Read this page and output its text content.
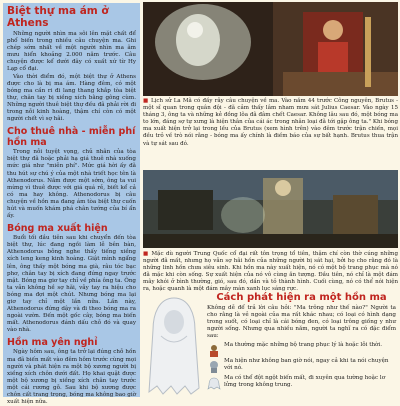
Biệt thự ma ám ở Athens

Những người nhìn ma sôi lên mặt chất để phổ biến trong nhiều câu chuyện ma. Ghi chép sớm nhất về một người nhìn ma âm mưu hiển khoảng 2.000 năm trước. Câu chuyện được kể dưới đây có xuất xứ từ Hy Lạp cổ đại.

Vào thời điểm đó, một biệt thự ở Athens được cho là bị ma ám. Hàng đêm, có một bóng ma cần ri đi lang thang khắp tòa biệt thự, chân tay bị xiềng xích bằng gông cùm. Những người thuê biệt thự đều đã phải rời đi trong nỗi kinh hoàng, thậm chí còn có một người chết vì sợ hãi.

Cho thuê nhà - miễn phí hồn ma

Trong nỗi tuyệt vọng, chủ nhân của tòa biệt thự đã hoặc phải hạ giá thuê nhà xuống mức giá như "miễn phí". Mức giá hời ấy đã thu hút sự chú ý của một nhà triết học tên là Athenodorus. Nắm được một sớm, ông ta vui mừng vì thuê được với giá quá rẻ, biết kể cả có ma hay không. Athenodorus bị câu chuyện về hồn ma đang ám tòa biệt thự cuốn hút và muốn khám phá chân tướng của bí ẩn ấy.

Bóng ma xuất hiện

Buổi tối đầu tiên sau khi chuyển đến tòa biệt thự, lúc đang ngồi làm lễ bên bàn, Athenodorus bỗng nghe thấy tiếng xiềng xích leng keng kinh hoàng. Giật mình ngẩng lên, ông thấy một bóng ma già, râu tóc bạc phơ, chân tay bị xích đang đứng ngay trước mặt. Bóng ma giơ tay chỉ về phía ông ta. Ông ta vẫn không hề sợ hãi, vẫy tay ra hiệu cho bóng ma đợi một chút. Nhưng bóng ma lại giơ tay chỉ một lần nữa. Lần này, Athenodorus đứng dậy và đi theo bóng ma ra ngoài vườn. Đến một gốc cây, bóng ma biến mất. Athenodorus đánh dấu chỗ đó và quay vào nhà.

Hồn ma yên nghỉ

Ngày hôm sau, ông ta trở lại đúng chỗ hồn ma đã biến mất vào đêm hôm trước cùng mọi người và phát hiện ra một bộ xương người bị xiềng xích chôn dưới đất. Họ khai quật được một bộ xương bị xiềng xích chân tay trước một cái rương gỗ. Sau khi bộ xương được chôn cất trang trọng, bóng ma không bao giờ xuất hiện nữa.

■ Lịch sử La Mã có đầy rẫy câu chuyện về ma. Vào năm 44 trước Công nguyên, Brutus - một sĩ quan trong quân đội - đã cảm thấy lâm nham mưu sát Julius Caesar. Vào ngày 15 tháng 3, ông ta và những kẻ đồng lõa đã đâm chết Caesar. Không lâu sau đó, một bóng ma to lớn, đáng sợ tự xưng là hiện thân của cái ác trong nhân loại đã tới gặp ông ta." Khi bóng ma xuất hiện trở lại trong lều của Brutus (xem hình trên) vào đêm trước trận chiến, mọi đều trỏ về trò nói rằng - bóng ma ấy chính là điềm báo của sự bất hạnh. Brutus thua trận và tự sát sau đó.

■ Mặc dù người Trung Quốc cổ đại rất tôn trọng tổ tiên, thậm chí còn thờ cúng những người đã mất, nhưng họ vẫn sợ hãi hồn của những người bị sát hại, bởi họ cho rằng đó là những linh hồn chưa siêu sinh. Khi hồn ma này xuất hiện, nó có một bộ trang phục mà nó đã mặc khi còn sống. Sự xuất hiện của nó vô cùng ăn tượng. Đầu tiên, nó chỉ là một đám mây khói ở bình thường, gió, sau đó, dần và tỏ thành hình. Cuối cùng, nó có thể nói hiện ra, hoặc quanh là một đám mây màn xanh lục sáng rực.

Cách phát hiện ra một hồn ma

Không dễ để trả lời câu hỏi: "Ma trông như thế nào?" Người ta cho rằng là vẻ ngoài của ma rất khác nhau; có loại có hình dạng trong suốt, có loại chỉ là cái bóng đen, có loại trông giống y như người sống. Nhưng qua nhiều năm, người ta nghĩ ra có đặc điểm sau:

Ma thường mặc những bộ trang phục lý là hoặc lỗi thời.
Ma hiện như không ban giờ nói, ngay cả khi ta nói chuyện với nó.
Ma có thể đột ngột biến mất, đi xuyên qua tường hoặc lơ lửng trong không trung.
